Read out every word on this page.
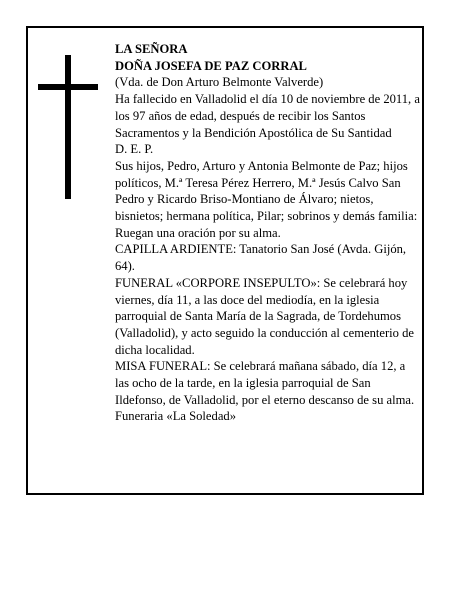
LA SEÑORA

DOÑA JOSEFA DE PAZ CORRAL

(Vda. de Don Arturo Belmonte Valverde)

Ha fallecido en Valladolid el día 10 de noviembre de 2011, a los 97 años de edad, después de recibir los Santos Sacramentos y la Bendición Apostólica de Su Santidad

D. E. P.

Sus hijos, Pedro, Arturo y Antonia Belmonte de Paz; hijos políticos, M.ª Teresa Pérez Herrero, M.ª Jesús Calvo San Pedro y Ricardo Briso-Montiano de Álvaro; nietos, bisnietos; hermana política, Pilar; sobrinos y demás familia:

Ruegan una oración por su alma.

CAPILLA ARDIENTE: Tanatorio San José (Avda. Gijón, 64).

FUNERAL «CORPORE INSEPULTO»: Se celebrará hoy viernes, día 11, a las doce del mediodía, en la iglesia parroquial de Santa María de la Sagrada, de Tordehumos (Valladolid), y acto seguido la conducción al cementerio de dicha localidad.

MISA FUNERAL: Se celebrará mañana sábado, día 12, a las ocho de la tarde, en la iglesia parroquial de San Ildefonso, de Valladolid, por el eterno descanso de su alma.

Funeraria «La Soledad»
